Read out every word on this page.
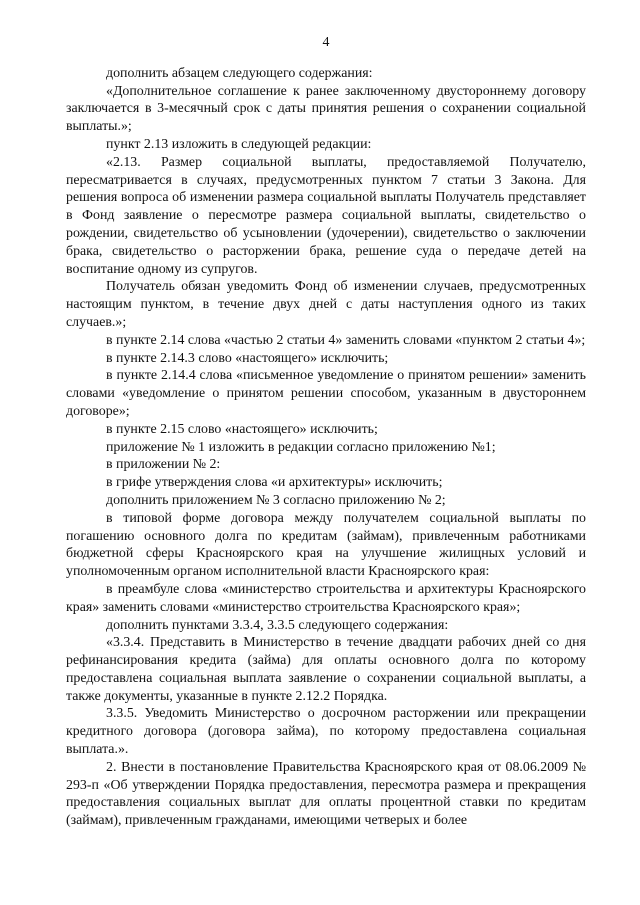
4

дополнить абзацем следующего содержания:

«Дополнительное соглашение к ранее заключенному двустороннему договору заключается в 3-месячный срок с даты принятия решения о сохранении социальной выплаты.»;

пункт 2.13 изложить в следующей редакции:

«2.13. Размер социальной выплаты, предоставляемой Получателю, пересматривается в случаях, предусмотренных пунктом 7 статьи 3 Закона. Для решения вопроса об изменении размера социальной выплаты Получатель представляет в Фонд заявление о пересмотре размера социальной выплаты, свидетельство о рождении, свидетельство об усыновлении (удочерении), свидетельство о заключении брака, свидетельство о расторжении брака, решение суда о передаче детей на воспитание одному из супругов.

Получатель обязан уведомить Фонд об изменении случаев, предусмотренных настоящим пунктом, в течение двух дней с даты наступления одного из таких случаев.»;

в пункте 2.14 слова «частью 2 статьи 4» заменить словами «пунктом 2 статьи 4»;

в пункте 2.14.3 слово «настоящего» исключить;

в пункте 2.14.4 слова «письменное уведомление о принятом решении» заменить словами «уведомление о принятом решении способом, указанным в двустороннем договоре»;

в пункте 2.15 слово «настоящего» исключить;

приложение № 1 изложить в редакции согласно приложению №1;

в приложении № 2:

в грифе утверждения слова «и архитектуры» исключить;

дополнить приложением № 3 согласно приложению № 2;

в типовой форме договора между получателем социальной выплаты по погашению основного долга по кредитам (займам), привлеченным работниками бюджетной сферы Красноярского края на улучшение жилищных условий и уполномоченным органом исполнительной власти Красноярского края:

в преамбуле слова «министерство строительства и архитектуры Красноярского края» заменить словами «министерство строительства Красноярского края»;

дополнить пунктами 3.3.4, 3.3.5 следующего содержания:

«3.3.4. Представить в Министерство в течение двадцати рабочих дней со дня рефинансирования кредита (займа) для оплаты основного долга по которому предоставлена социальная выплата заявление о сохранении социальной выплаты, а также документы, указанные в пункте 2.12.2 Порядка.

3.3.5. Уведомить Министерство о досрочном расторжении или прекращении кредитного договора (договора займа), по которому предоставлена социальная выплата.».

2. Внести в постановление Правительства Красноярского края от 08.06.2009 № 293-п «Об утверждении Порядка предоставления, пересмотра размера и прекращения предоставления социальных выплат для оплаты процентной ставки по кредитам (займам), привлеченным гражданами, имеющими четверых и более
